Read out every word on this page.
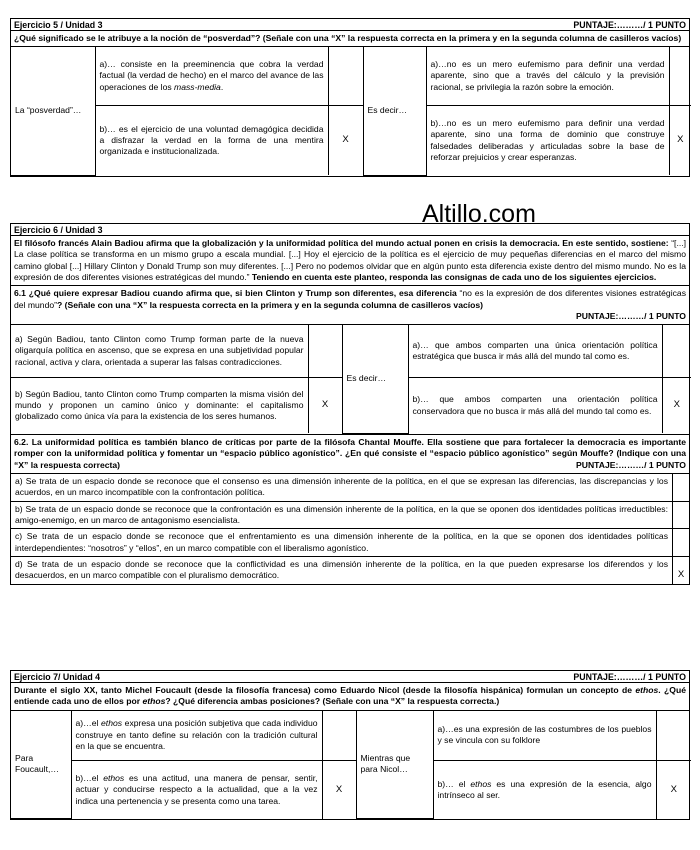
Altillo.com
Ejercicio 5 / Unidad 3	PUNTAJE:………/ 1 PUNTO
¿Qué significado se le atribuye a la noción de “posverdad”? (Señale con una “X” la respuesta correcta en la primera y en la segunda columna de casilleros vacíos)
La “posverdad”…	a)… consiste en la preeminencia que cobra la verdad factual (la verdad de hecho) en el marco del avance de las operaciones de los mass-media.		Es decir…	a)…no es un mero eufemismo para definir una verdad aparente, sino que a través del cálculo y la previsión racional, se privilegia la razón sobre la emoción.	
	b)… es el ejercicio de una voluntad demagógica decidida a disfrazar la verdad en la forma de una mentira organizada e institucionalizada.	X		b)…no es un mero eufemismo para definir una verdad aparente, sino una forma de dominio que construye falsedades deliberadas y articuladas sobre la base de reforzar prejuicios y crear esperanzas.	X
Ejercicio 6 / Unidad 3
El filósofo francés Alain Badiou afirma que la globalización y la uniformidad política del mundo actual ponen en crisis la democracia. En este sentido, sostiene: “[...] La clase política se transforma en un mismo grupo a escala mundial. [...] Hoy el ejercicio de la política es el ejercicio de muy pequeñas diferencias en el marco del mismo camino global [...] Hillary Clinton y Donald Trump son muy diferentes. [...] Pero no podemos olvidar que en algún punto esta diferencia existe dentro del mismo mundo. No es la expresión de dos diferentes visiones estratégicas del mundo.” Teniendo en cuenta este planteo, responda las consignas de cada uno de los siguientes ejercicios.
6.1 ¿Qué quiere expresar Badiou cuando afirma que, si bien Clinton y Trump son diferentes, esa diferencia “no es la expresión de dos diferentes visiones estratégicas del mundo”? (Señale con una “X” la respuesta correcta en la primera y en la segunda columna de casilleros vacíos)
PUNTAJE:………/ 1 PUNTO
a) Según Badiou, tanto Clinton como Trump forman parte de la nueva oligarquía política en ascenso, que se expresa en una subjetividad popular racional, activa y clara, orientada a superar las falsas contradicciones.		Es decir…	a)… que ambos comparten una única orientación política estratégica que busca ir más allá del mundo tal como es.	
b) Según Badiou, tanto Clinton como Trump comparten la misma visión del mundo y proponen un camino único y dominante: el capitalismo globalizado como única vía para la existencia de los seres humanos.	X		b)… que ambos comparten una orientación política conservadora que no busca ir más allá del mundo tal como es.	X
6.2. La uniformidad política es también blanco de críticas por parte de la filósofa Chantal Mouffe. Ella sostiene que para fortalecer la democracia es importante romper con la uniformidad política y fomentar un “espacio público agonístico”. ¿En qué consiste el “espacio público agonístico” según Mouffe? (Indique con una “X” la respuesta correcta)	PUNTAJE:………/ 1 PUNTO
a) Se trata de un espacio donde se reconoce que el consenso es una dimensión inherente de la política, en el que se expresan las diferencias, las discrepancias y los acuerdos, en un marco incompatible con la confrontación política.
b) Se trata de un espacio donde se reconoce que la confrontación es una dimensión inherente de la política, en la que se oponen dos identidades políticas irreductibles: amigo-enemigo, en un marco de antagonismo esencialista.
c) Se trata de un espacio donde se reconoce que el enfrentamiento es una dimensión inherente de la política, en la que se oponen dos identidades políticas interdependientes: “nosotros” y “ellos”, en un marco compatible con el liberalismo agonístico.
d) Se trata de un espacio donde se reconoce que la conflictividad es una dimensión inherente de la política, en la que pueden expresarse los diferendos y los desacuerdos, en un marco compatible con el pluralismo democrático.	X
Ejercicio 7/ Unidad 4	PUNTAJE:………/ 1 PUNTO
Durante el siglo XX, tanto Michel Foucault (desde la filosofía francesa) como Eduardo Nicol (desde la filosofía hispánica) formulan un concepto de ethos. ¿Qué entiende cada uno de ellos por ethos? ¿Qué diferencia ambas posiciones? (Señale con una “X” la respuesta correcta.)
Para Foucault,…	a)…el ethos expresa una posición subjetiva que cada individuo construye en tanto define su relación con la tradición cultural en la que se encuentra.		Mientras que para Nicol…	a)…es una expresión de las costumbres de los pueblos y se vincula con su folklore	
	b)…el ethos es una actitud, una manera de pensar, sentir, actuar y conducirse respecto a la actualidad, que a la vez indica una pertenencia y se presenta como una tarea.	X		b)… el ethos es una expresión de la esencia, algo intrínseco al ser.	X
